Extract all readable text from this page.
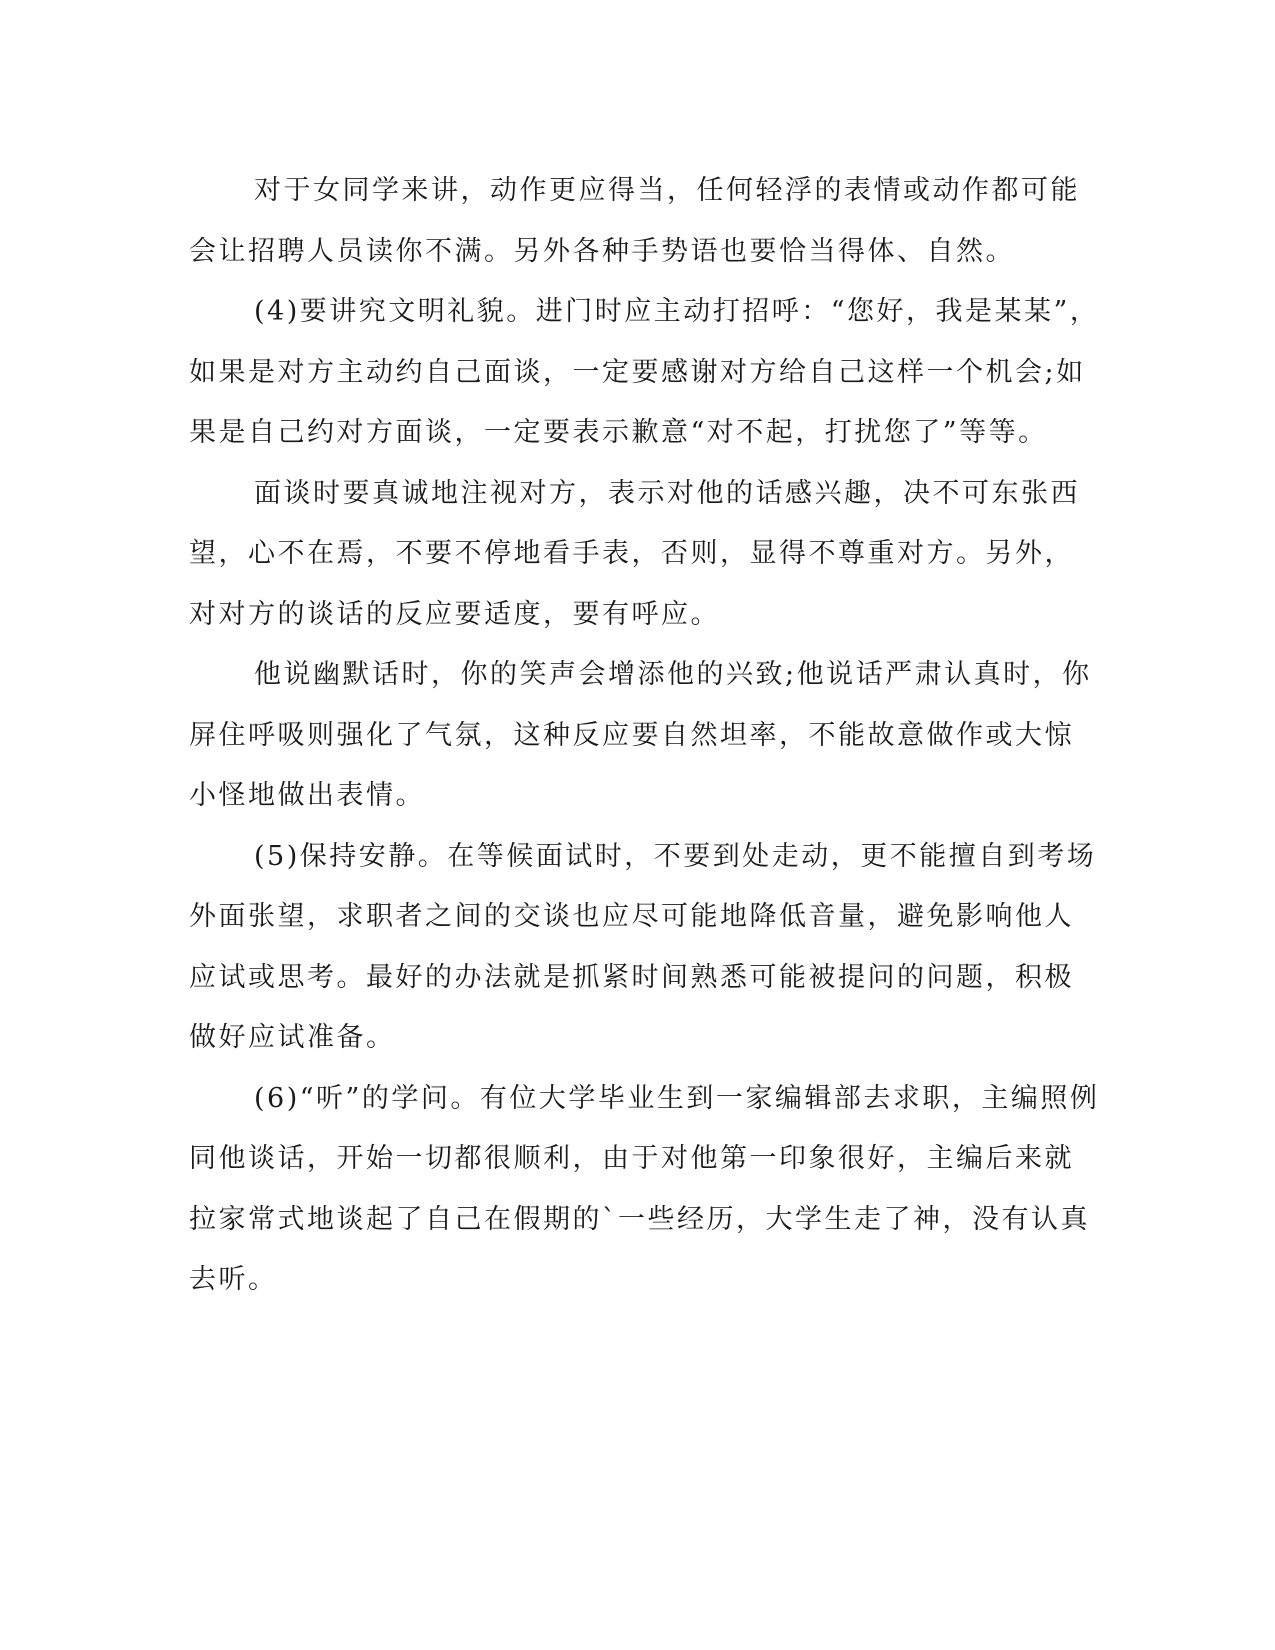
对于女同学来讲，动作更应得当，任何轻浮的表情或动作都可能
会让招聘人员读你不满。另外各种手势语也要恰当得体、自然。
(4)要讲究文明礼貌。进门时应主动打招呼：“您好，我是某某”，
如果是对方主动约自己面谈，一定要感谢对方给自己这样一个机会;如
果是自己约对方面谈，一定要表示歉意“对不起，打扰您了”等等。
面谈时要真诚地注视对方，表示对他的话感兴趣，决不可东张西
望，心不在焉，不要不停地看手表，否则，显得不尊重对方。另外，
对对方的谈话的反应要适度，要有呼应。
他说幽默话时，你的笑声会增添他的兴致;他说话严肃认真时，你
屏住呼吸则强化了气氛，这种反应要自然坦率，不能故意做作或大惊
小怪地做出表情。
(5)保持安静。在等候面试时，不要到处走动，更不能擅自到考场
外面张望，求职者之间的交谈也应尽可能地降低音量，避免影响他人
应试或思考。最好的办法就是抓紧时间熟悉可能被提问的问题，积极
做好应试准备。
(6)“听”的学问。有位大学毕业生到一家编辑部去求职，主编照例
同他谈话，开始一切都很顺利，由于对他第一印象很好，主编后来就
拉家常式地谈起了自己在假期的`一些经历，大学生走了神，没有认真
去听。
